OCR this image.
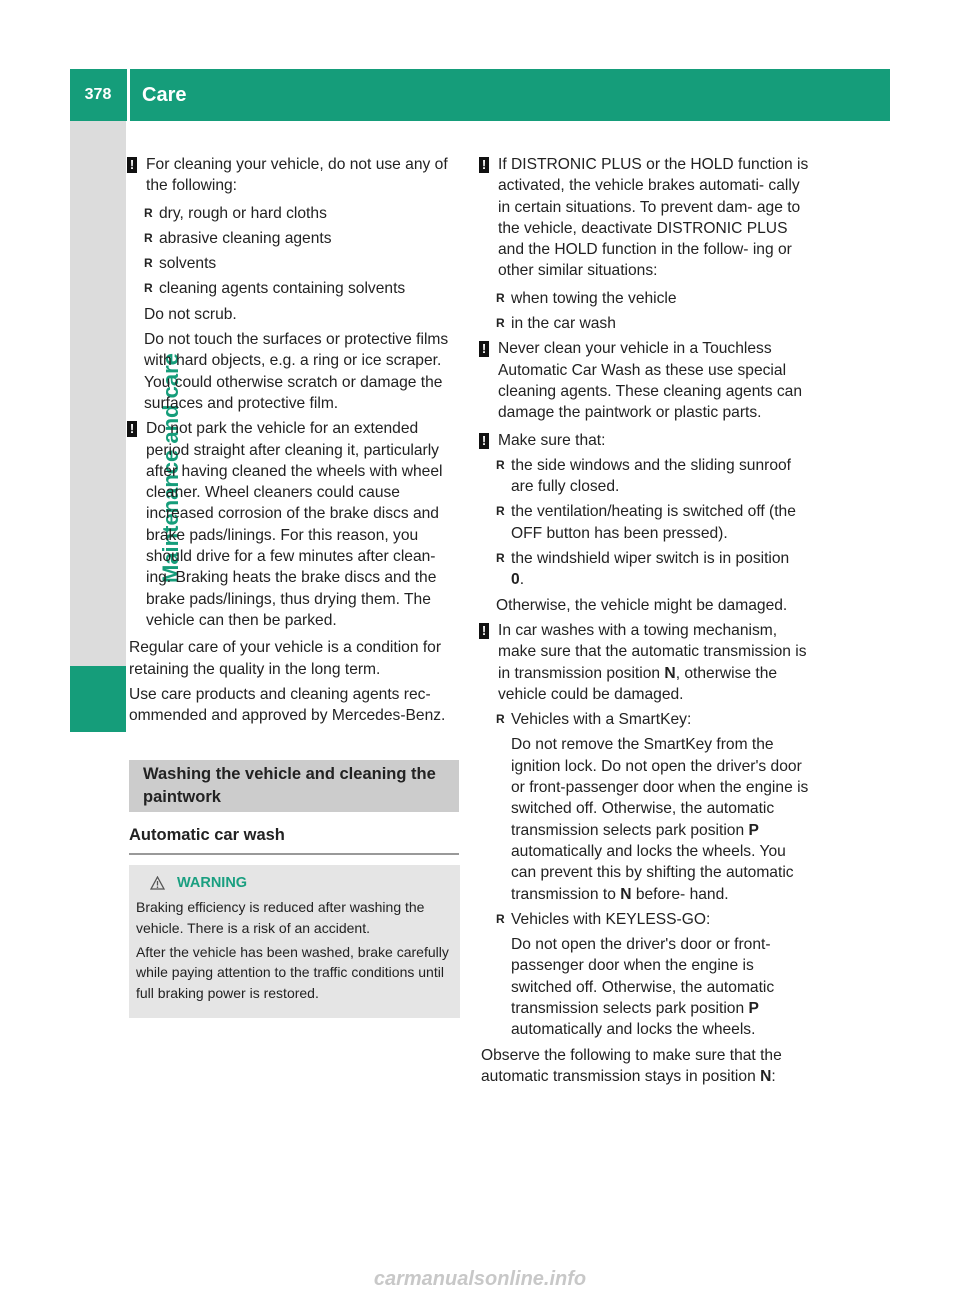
378	Care
Maintenance and care
! For cleaning your vehicle, do not use any of the following:
R dry, rough or hard cloths
R abrasive cleaning agents
R solvents
R cleaning agents containing solvents

Do not scrub.

Do not touch the surfaces or protective films with hard objects, e.g. a ring or ice scraper. You could otherwise scratch or damage the surfaces and protective film.

! Do not park the vehicle for an extended period straight after cleaning it, particularly after having cleaned the wheels with wheel cleaner. Wheel cleaners could cause increased corrosion of the brake discs and brake pads/linings. For this reason, you should drive for a few minutes after clean- ing. Braking heats the brake discs and the brake pads/linings, thus drying them. The vehicle can then be parked.

Regular care of your vehicle is a condition for retaining the quality in the long term.

Use care products and cleaning agents rec- ommended and approved by Mercedes-Benz.

Washing the vehicle and cleaning the paintwork
Automatic car wash
WARNING

Braking efficiency is reduced after washing the vehicle. There is a risk of an accident.

After the vehicle has been washed, brake carefully while paying attention to the traffic conditions until full braking power is restored.

! If DISTRONIC PLUS or the HOLD function is activated, the vehicle brakes automati- cally in certain situations. To prevent dam- age to the vehicle, deactivate DISTRONIC PLUS and the HOLD function in the follow- ing or other similar situations:
R when towing the vehicle
R in the car wash
! Never clean your vehicle in a Touchless Automatic Car Wash as these use special cleaning agents. These cleaning agents can damage the paintwork or plastic parts.
! Make sure that:
R the side windows and the sliding sunroof are fully closed.
R the ventilation/heating is switched off (the OFF button has been pressed).
R the windshield wiper switch is in position
0.

Otherwise, the vehicle might be damaged.

! In car washes with a towing mechanism, make sure that the automatic transmission is in transmission position N, otherwise the vehicle could be damaged.
R Vehicles with a SmartKey:
Do not remove the SmartKey from the ignition lock. Do not open the driver's door or front-passenger door when the engine is switched off. Otherwise, the automatic transmission selects park position P automatically and locks the wheels. You can prevent this by shifting the automatic transmission to N before- hand.
R Vehicles with KEYLESS-GO:
Do not open the driver's door or front- passenger door when the engine is switched off. Otherwise, the automatic transmission selects park position P automatically and locks the wheels.

Observe the following to make sure that the automatic transmission stays in position N:

carmanualsonline.info
